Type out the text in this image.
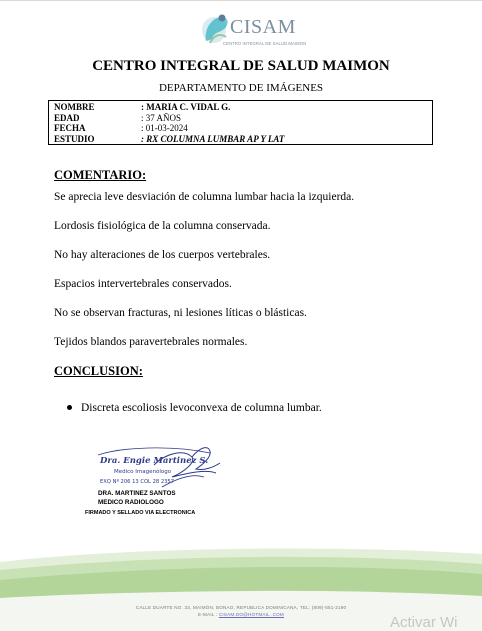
CISAM
CENTRO INTEGRAL DE SALUD MAIMON
CENTRO INTEGRAL DE SALUD MAIMON
DEPARTAMENTO DE IMÁGENES
NOMBRE	: MARIA C. VIDAL G.
EDAD	: 37 AÑOS
FECHA	: 01-03-2024
ESTUDIO	: RX COLUMNA LUMBAR AP Y LAT
COMENTARIO:
Se aprecia leve desviación de columna lumbar hacia la izquierda.
Lordosis fisiológica de la columna conservada.
No hay alteraciones de los cuerpos vertebrales.
Espacios intervertebrales conservados.
No se observan fracturas, ni lesiones líticas o blásticas.
Tejidos blandos paravertebrales normales.
CONCLUSION:
Discreta escoliosis levoconvexa de columna lumbar.
Dra. Engie Martinez S.
Medico Imagenólogo
EXQ Nº 206 13 COL 28 2357
DRA. MARTINEZ SANTOS
MEDICO RADIOLOGO
FIRMADO Y SELLADO VIA ELECTRONICA
CALLE DUARTE NO. 33, MAIMÓN, BONAO, REPUBLICA DOMINICANA, TEL: (809)-551-2190
E-MAIL : CISAM.DO@HOTMAIL .COM	Activar Wi
